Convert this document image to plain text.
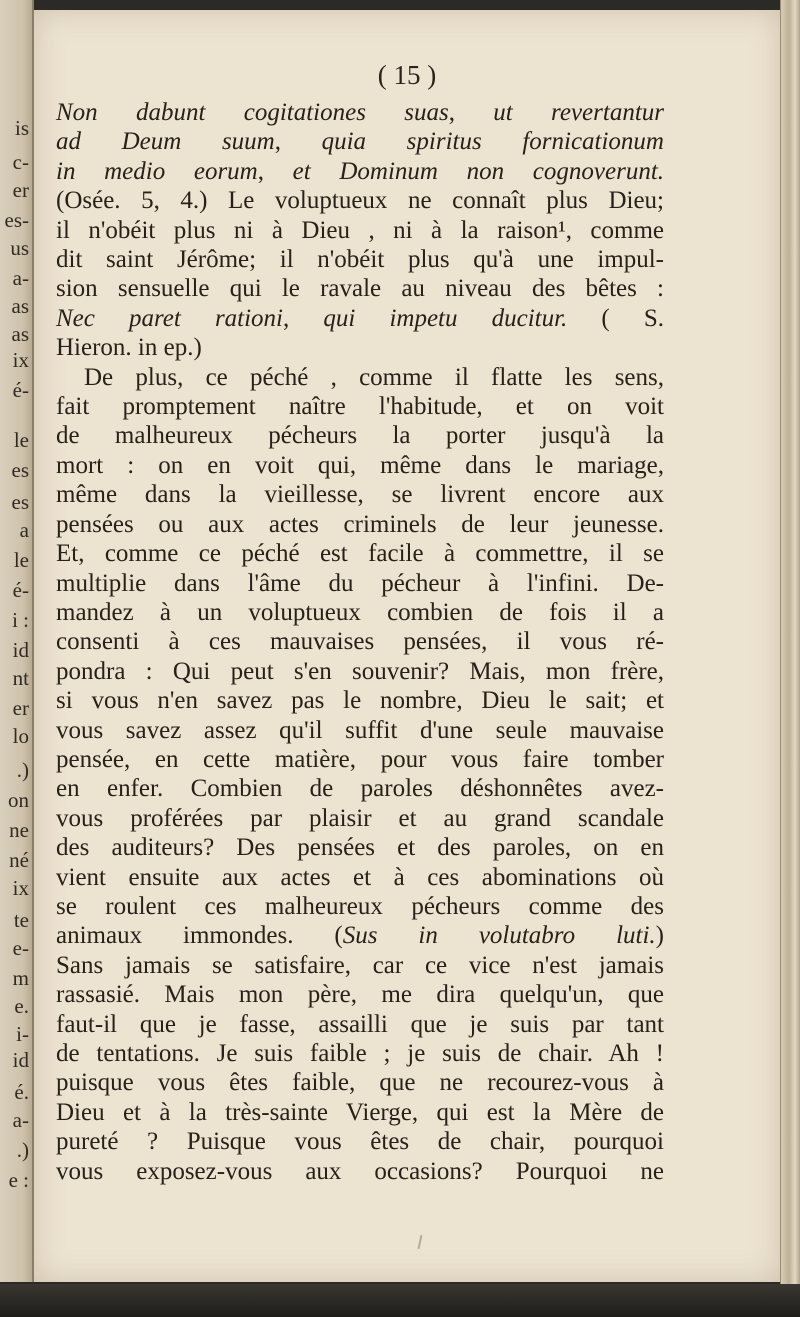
is
c-
er
es-
us
a-
as
as
ix
é-
le
es
es
a
le
é-
i :
id
nt
er
lo
.)
on
ne
né
ix
te
e-
m
e.
i-
id
é.
a-
.)
e :
( 15 )
Non dabunt cogitationes suas, ut revertantur
ad Deum suum, quia spiritus fornicationum
in medio eorum, et Dominum non cognoverunt.
(Osée. 5, 4.) Le voluptueux ne connaît plus Dieu;
il n'obéit plus ni à Dieu , ni à la raison¹, comme
dit saint Jérôme; il n'obéit plus qu'à une impul-
sion sensuelle qui le ravale au niveau des bêtes :
Nec paret rationi, qui impetu ducitur. ( S.
Hieron. in ep.)
De plus, ce péché , comme il flatte les sens,
fait promptement naître l'habitude, et on voit
de malheureux pécheurs la porter jusqu'à la
mort : on en voit qui, même dans le mariage,
même dans la vieillesse, se livrent encore aux
pensées ou aux actes criminels de leur jeunesse.
Et, comme ce péché est facile à commettre, il se
multiplie dans l'âme du pécheur à l'infini. De-
mandez à un voluptueux combien de fois il a
consenti à ces mauvaises pensées, il vous ré-
pondra : Qui peut s'en souvenir? Mais, mon frère,
si vous n'en savez pas le nombre, Dieu le sait; et
vous savez assez qu'il suffit d'une seule mauvaise
pensée, en cette matière, pour vous faire tomber
en enfer. Combien de paroles déshonnêtes avez-
vous proférées par plaisir et au grand scandale
des auditeurs? Des pensées et des paroles, on en
vient ensuite aux actes et à ces abominations où
se roulent ces malheureux pécheurs comme des
animaux immondes. (Sus in volutabro luti.)
Sans jamais se satisfaire, car ce vice n'est jamais
rassasié. Mais mon père, me dira quelqu'un, que
faut-il que je fasse, assailli que je suis par tant
de tentations. Je suis faible ; je suis de chair. Ah !
puisque vous êtes faible, que ne recourez-vous à
Dieu et à la très-sainte Vierge, qui est la Mère de
pureté ? Puisque vous êtes de chair, pourquoi
vous exposez-vous aux occasions? Pourquoi ne
